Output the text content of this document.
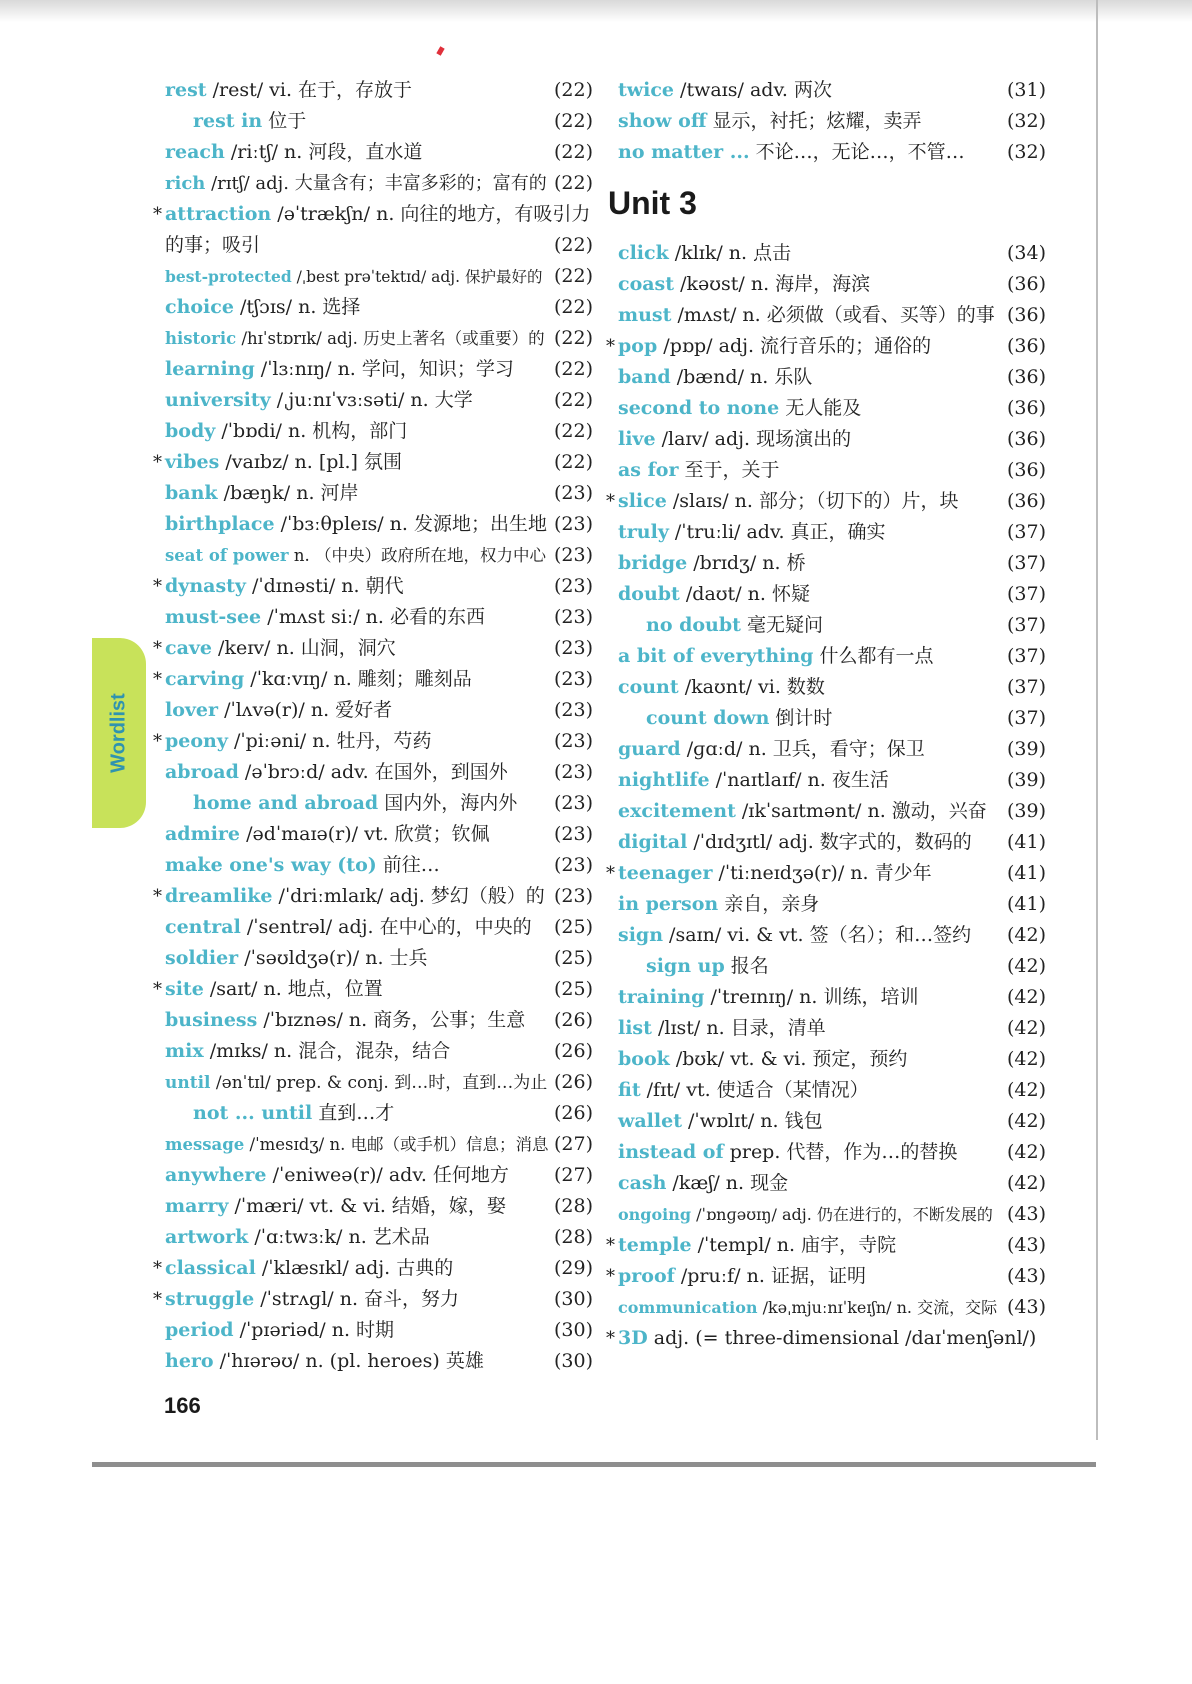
Wordlist
rest /rest/ vi. 在于，存放于	(22)
rest in 位于	(22)
reach /riːtʃ/ n. 河段，直水道	(22)
rich /rɪtʃ/ adj. 大量含有；丰富多彩的；富有的 (22)
* attraction /əˈtrækʃn/ n. 向往的地方，有吸引力的事；吸引	(22)
best-protected /ˌbest prəˈtektɪd/ adj. 保护最好的 (22)
choice /tʃɔɪs/ n. 选择	(22)
historic /hɪˈstɒrɪk/ adj. 历史上著名（或重要）的 (22)
learning /ˈlɜːnɪŋ/ n. 学问，知识；学习 (22)
university /ˌjuːnɪˈvɜːsəti/ n. 大学	(22)
body /ˈbɒdi/ n. 机构，部门	(22)
* vibes /vaɪbz/ n. [pl.] 氛围	(22)
bank /bæŋk/ n. 河岸	(23)
birthplace /ˈbɜːθpleɪs/ n. 发源地；出生地 (23)
seat of power n. （中央）政府所在地，权力中心 (23)
* dynasty /ˈdɪnəsti/ n. 朝代	(23)
must-see /ˈmʌst siː/ n. 必看的东西	(23)
* cave /keɪv/ n. 山洞，洞穴	(23)
* carving /ˈkɑːvɪŋ/ n. 雕刻；雕刻品	(23)
lover /ˈlʌvə(r)/ n. 爱好者	(23)
* peony /ˈpiːəni/ n. 牡丹，芍药	(23)
abroad /əˈbrɔːd/ adv. 在国外，到国外 (23)
home and abroad 国内外，海内外 (23)
admire /ədˈmaɪə(r)/ vt. 欣赏；钦佩	(23)
make one's way (to) 前往…	(23)
* dreamlike /ˈdriːmlaɪk/ adj. 梦幻（般）的 (23)
central /ˈsentrəl/ adj. 在中心的，中央的 (25)
soldier /ˈsəʊldʒə(r)/ n. 士兵	(25)
* site /saɪt/ n. 地点，位置	(25)
business /ˈbɪznəs/ n. 商务，公事；生意 (26)
mix /mɪks/ n. 混合，混杂，结合	(26)
until /ənˈtɪl/ prep. & conj. 到…时，直到…为止 (26)
not ... until 直到…才	(26)
message /ˈmesɪdʒ/ n. 电邮（或手机）信息；消息 (27)
anywhere /ˈeniweə(r)/ adv. 任何地方 (27)
marry /ˈmæri/ vt. & vi. 结婚，嫁，娶	(28)
artwork /ˈɑːtwɜːk/ n. 艺术品	(28)
* classical /ˈklæsɪkl/ adj. 古典的	(29)
* struggle /ˈstrʌɡl/ n. 奋斗，努力	(30)
period /ˈpɪəriəd/ n. 时期	(30)
hero /ˈhɪərəʊ/ n. (pl. heroes) 英雄	(30)
twice /twaɪs/ adv. 两次	(31)
show off 显示，衬托；炫耀，卖弄	(32)
no matter ... 不论…，无论…，不管… (32)
Unit 3
click /klɪk/ n. 点击	(34)
coast /kəʊst/ n. 海岸，海滨	(36)
must /mʌst/ n. 必须做（或看、买等）的事 (36)
* pop /pɒp/ adj. 流行音乐的；通俗的	(36)
band /bænd/ n. 乐队	(36)
second to none 无人能及	(36)
live /laɪv/ adj. 现场演出的	(36)
as for 至于，关于	(36)
* slice /slaɪs/ n. 部分；（切下的）片，块	(36)
truly /ˈtruːli/ adv. 真正，确实	(37)
bridge /brɪdʒ/ n. 桥	(37)
doubt /daʊt/ n. 怀疑	(37)
no doubt 毫无疑问	(37)
a bit of everything 什么都有一点	(37)
count /kaʊnt/ vi. 数数	(37)
count down 倒计时	(37)
guard /ɡɑːd/ n. 卫兵，看守；保卫	(39)
nightlife /ˈnaɪtlaɪf/ n. 夜生活	(39)
excitement /ɪkˈsaɪtmənt/ n. 激动，兴奋 (39)
digital /ˈdɪdʒɪtl/ adj. 数字式的，数码的 (41)
* teenager /ˈtiːneɪdʒə(r)/ n. 青少年	(41)
in person 亲自，亲身	(41)
sign /saɪn/ vi. & vt. 签（名）；和…签约 (42)
sign up 报名	(42)
training /ˈtreɪnɪŋ/ n. 训练，培训	(42)
list /lɪst/ n. 目录，清单	(42)
book /bʊk/ vt. & vi. 预定，预约	(42)
fit /fɪt/ vt. 使适合（某情况）	(42)
wallet /ˈwɒlɪt/ n. 钱包	(42)
instead of prep. 代替，作为…的替换	(42)
cash /kæʃ/ n. 现金	(42)
ongoing /ˈɒnɡəʊɪŋ/ adj. 仍在进行的，不断发展的 (43)
* temple /ˈtempl/ n. 庙宇，寺院	(43)
* proof /pruːf/ n. 证据，证明	(43)
communication /kəˌmjuːnɪˈkeɪʃn/ n. 交流，交际 (43)
* 3D adj. (= three-dimensional /daɪˈmenʃənl/)
166
